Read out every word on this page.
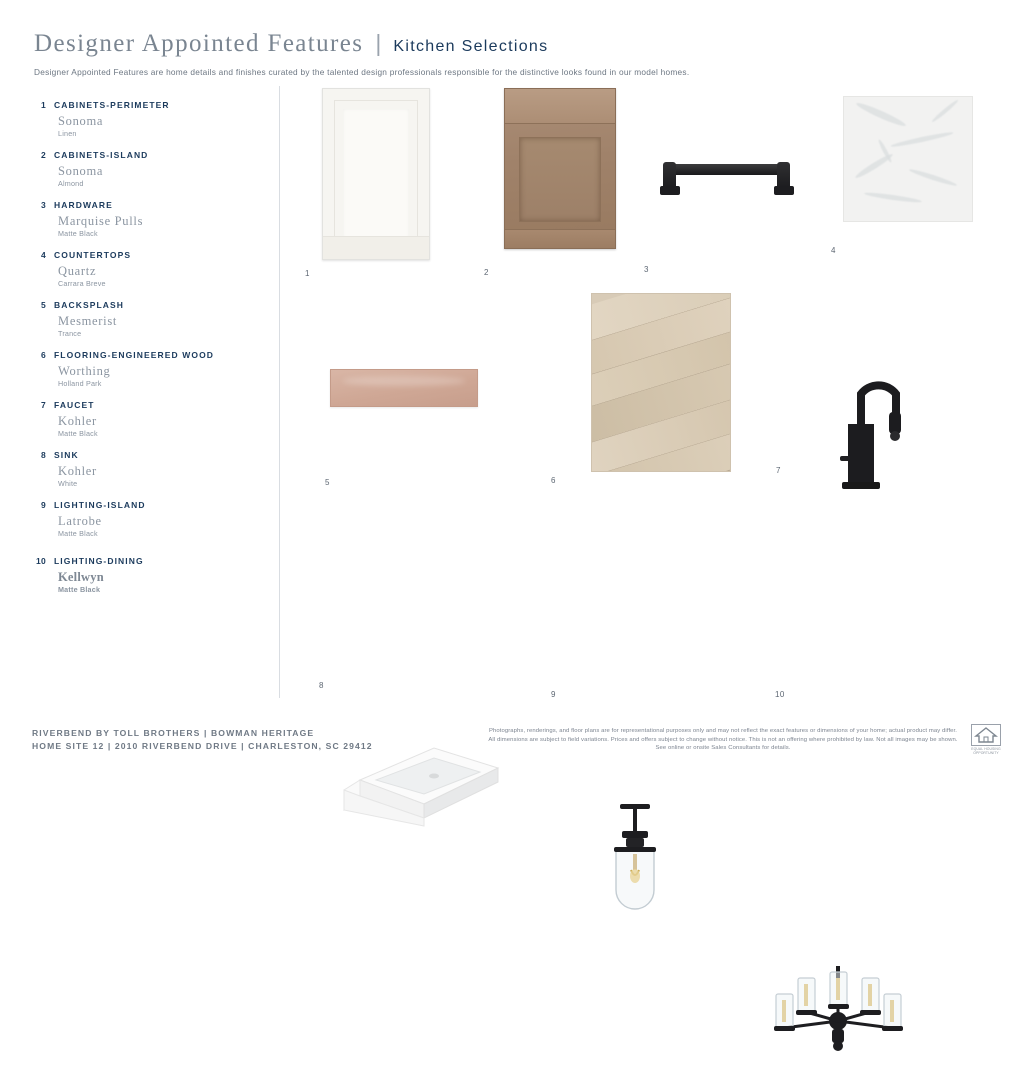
Designer Appointed Features | Kitchen Selections
Designer Appointed Features are home details and finishes curated by the talented design professionals responsible for the distinctive looks found in our model homes.
1 CABINETS-PERIMETER
Sonoma
Linen
2 CABINETS-ISLAND
Sonoma
Almond
3 HARDWARE
Marquise Pulls
Matte Black
4 COUNTERTOPS
Quartz
Carrara Breve
5 BACKSPLASH
Mesmerist
Trance
6 FLOORING-ENGINEERED WOOD
Worthing
Holland Park
7 FAUCET
Kohler
Matte Black
8 SINK
Kohler
White
9 LIGHTING-ISLAND
Latrobe
Matte Black
10 LIGHTING-DINING
Kellwyn
Matte Black
1	2	3
4
5	6
7
8
9	10
RIVERBEND BY TOLL BROTHERS | BOWMAN HERITAGE
HOME SITE 12 | 2010 RIVERBEND DRIVE | CHARLESTON, SC 29412
Photographs, renderings, and floor plans are for representational purposes only and may not reflect the exact features or dimensions of your home; actual product may differ. All dimensions are subject to field variations. Prices and offers subject to change without notice. This is not an offering where prohibited by law. Not all images may be shown. See online or onsite Sales Consultants for details.	EQUAL HOUSING OPPORTUNITY
